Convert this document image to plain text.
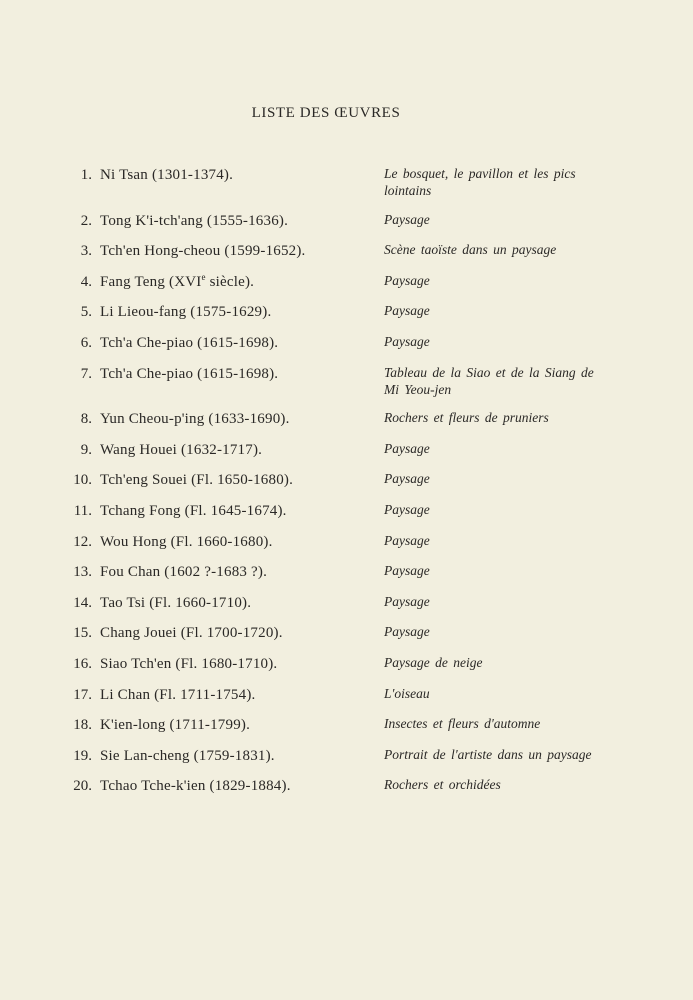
LISTE DES ŒUVRES
1. Ni Tsan (1301-1374).	Le bosquet, le pavillon et les pics lointains
2. Tong K'i-tch'ang (1555-1636).	Paysage
3. Tch'en Hong-cheou (1599-1652).	Scène taoïste dans un paysage
4. Fang Teng (XVIe siècle).	Paysage
5. Li Lieou-fang (1575-1629).	Paysage
6. Tch'a Che-piao (1615-1698).	Paysage
7. Tch'a Che-piao (1615-1698).	Tableau de la Siao et de la Siang de Mi Yeou-jen
8. Yun Cheou-p'ing (1633-1690).	Rochers et fleurs de pruniers
9. Wang Houei (1632-1717).	Paysage
10. Tch'eng Souei (Fl. 1650-1680).	Paysage
11. Tchang Fong (Fl. 1645-1674).	Paysage
12. Wou Hong (Fl. 1660-1680).	Paysage
13. Fou Chan (1602 ?-1683 ?).	Paysage
14. Tao Tsi (Fl. 1660-1710).	Paysage
15. Chang Jouei (Fl. 1700-1720).	Paysage
16. Siao Tch'en (Fl. 1680-1710).	Paysage de neige
17. Li Chan (Fl. 1711-1754).	L'oiseau
18. K'ien-long (1711-1799).	Insectes et fleurs d'automne
19. Sie Lan-cheng (1759-1831).	Portrait de l'artiste dans un paysage
20. Tchao Tche-k'ien (1829-1884).	Rochers et orchidées
